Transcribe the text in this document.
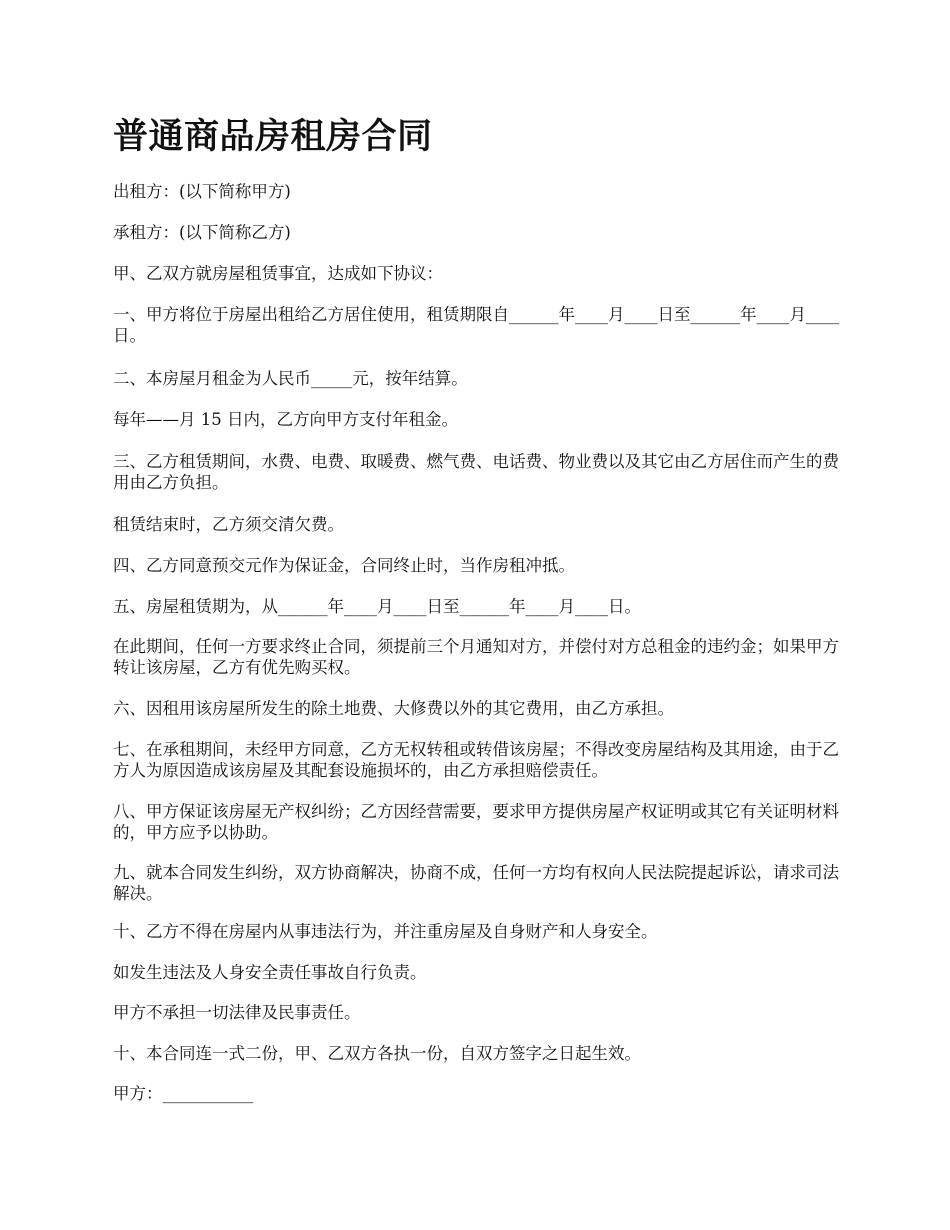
普通商品房租房合同

出租方：(以下简称甲方)

承租方：(以下简称乙方)

甲、乙双方就房屋租赁事宜，达成如下协议：

一、甲方将位于房屋出租给乙方居住使用，租赁期限自______年____月____日至______年____月____日。

二、本房屋月租金为人民币_____元，按年结算。

每年——月 15 日内，乙方向甲方支付年租金。

三、乙方租赁期间，水费、电费、取暖费、燃气费、电话费、物业费以及其它由乙方居住而产生的费用由乙方负担。

租赁结束时，乙方须交清欠费。

四、乙方同意预交元作为保证金，合同终止时，当作房租冲抵。

五、房屋租赁期为，从______年____月____日至______年____月____日。

在此期间，任何一方要求终止合同，须提前三个月通知对方，并偿付对方总租金的违约金；如果甲方转让该房屋，乙方有优先购买权。

六、因租用该房屋所发生的除土地费、大修费以外的其它费用，由乙方承担。

七、在承租期间，未经甲方同意，乙方无权转租或转借该房屋；不得改变房屋结构及其用途，由于乙方人为原因造成该房屋及其配套设施损坏的，由乙方承担赔偿责任。

八、甲方保证该房屋无产权纠纷；乙方因经营需要，要求甲方提供房屋产权证明或其它有关证明材料的，甲方应予以协助。

九、就本合同发生纠纷，双方协商解决，协商不成，任何一方均有权向人民法院提起诉讼，请求司法解决。

十、乙方不得在房屋内从事违法行为，并注重房屋及自身财产和人身安全。

如发生违法及人身安全责任事故自行负责。

甲方不承担一切法律及民事责任。

十、本合同连一式二份，甲、乙双方各执一份，自双方签字之日起生效。

甲方：___________
